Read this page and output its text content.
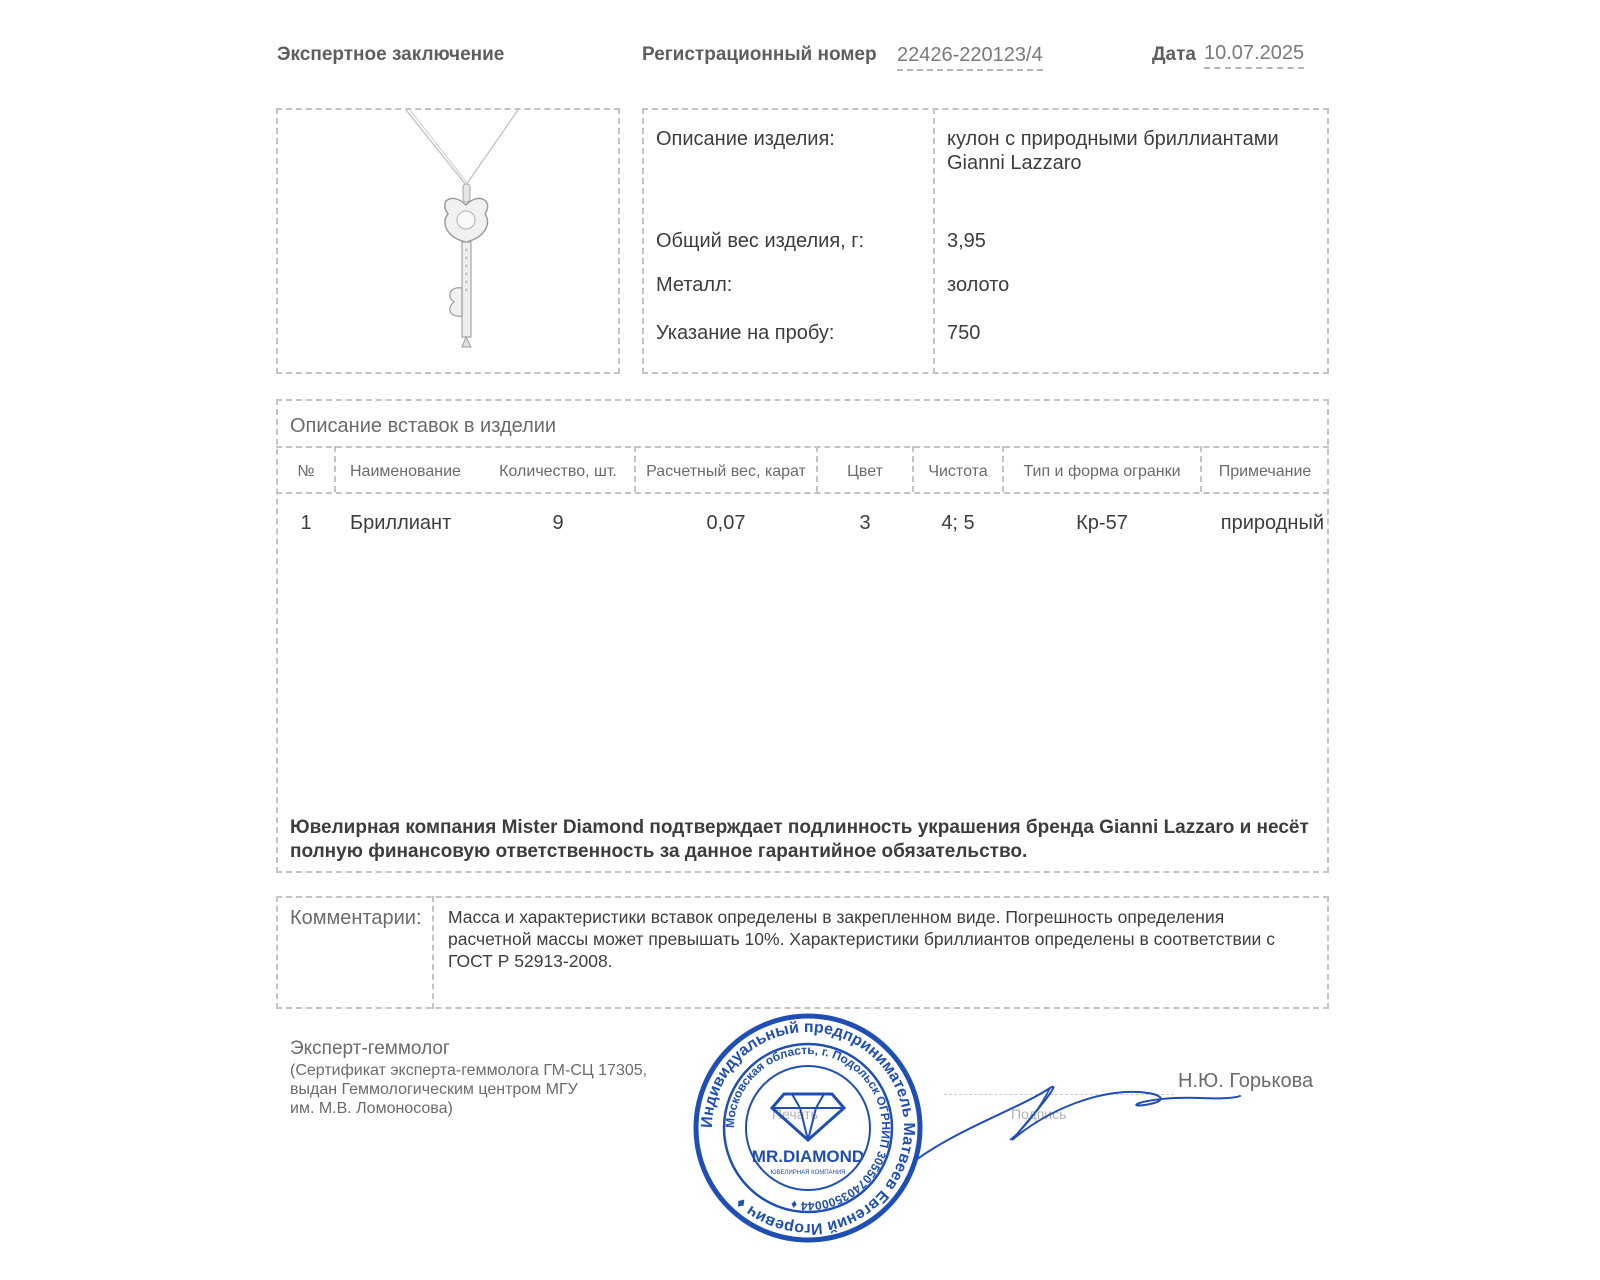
Экспертное заключение	Регистрационный номер 22426-220123/4	Дата 10.07.2025
Описание изделия:	кулон с природными бриллиантами
Gianni Lazzaro
Общий вес изделия, г:	3,95
Металл:	золото
Указание на пробу:	750
Описание вставок в изделии
№	Наименование	Количество, шт.	Расчетный вес, карат	Цвет	Чистота	Тип и форма огранки	Примечание
1	Бриллиант	9	0,07	3	4; 5	Кр-57	природный
Ювелирная компания Mister Diamond подтверждает подлинность украшения бренда Gianni Lazzaro и несёт
полную финансовую ответственность за данное гарантийное обязательство.
Комментарии: Масса и характеристики вставок определены в закрепленном виде. Погрешность определения
расчетной массы может превышать 10%. Характеристики бриллиантов определены в соответствии с
ГОСТ Р 52913-2008.
Эксперт-геммолог
(Сертификат эксперта-геммолога ГМ-СЦ 17305,
выдан Геммологическим центром МГУ
им. М.В. Ломоносова)	Печать	Подпись
Н.Ю. Горькова
Индивидуальный предприниматель Матвеев Евгений Игоревич ♦
Московская область, г. Подольск ОГРНИП 305507403500044 ♦
MR.DIAMOND
ЮВЕЛИРНАЯ КОМПАНИЯ
